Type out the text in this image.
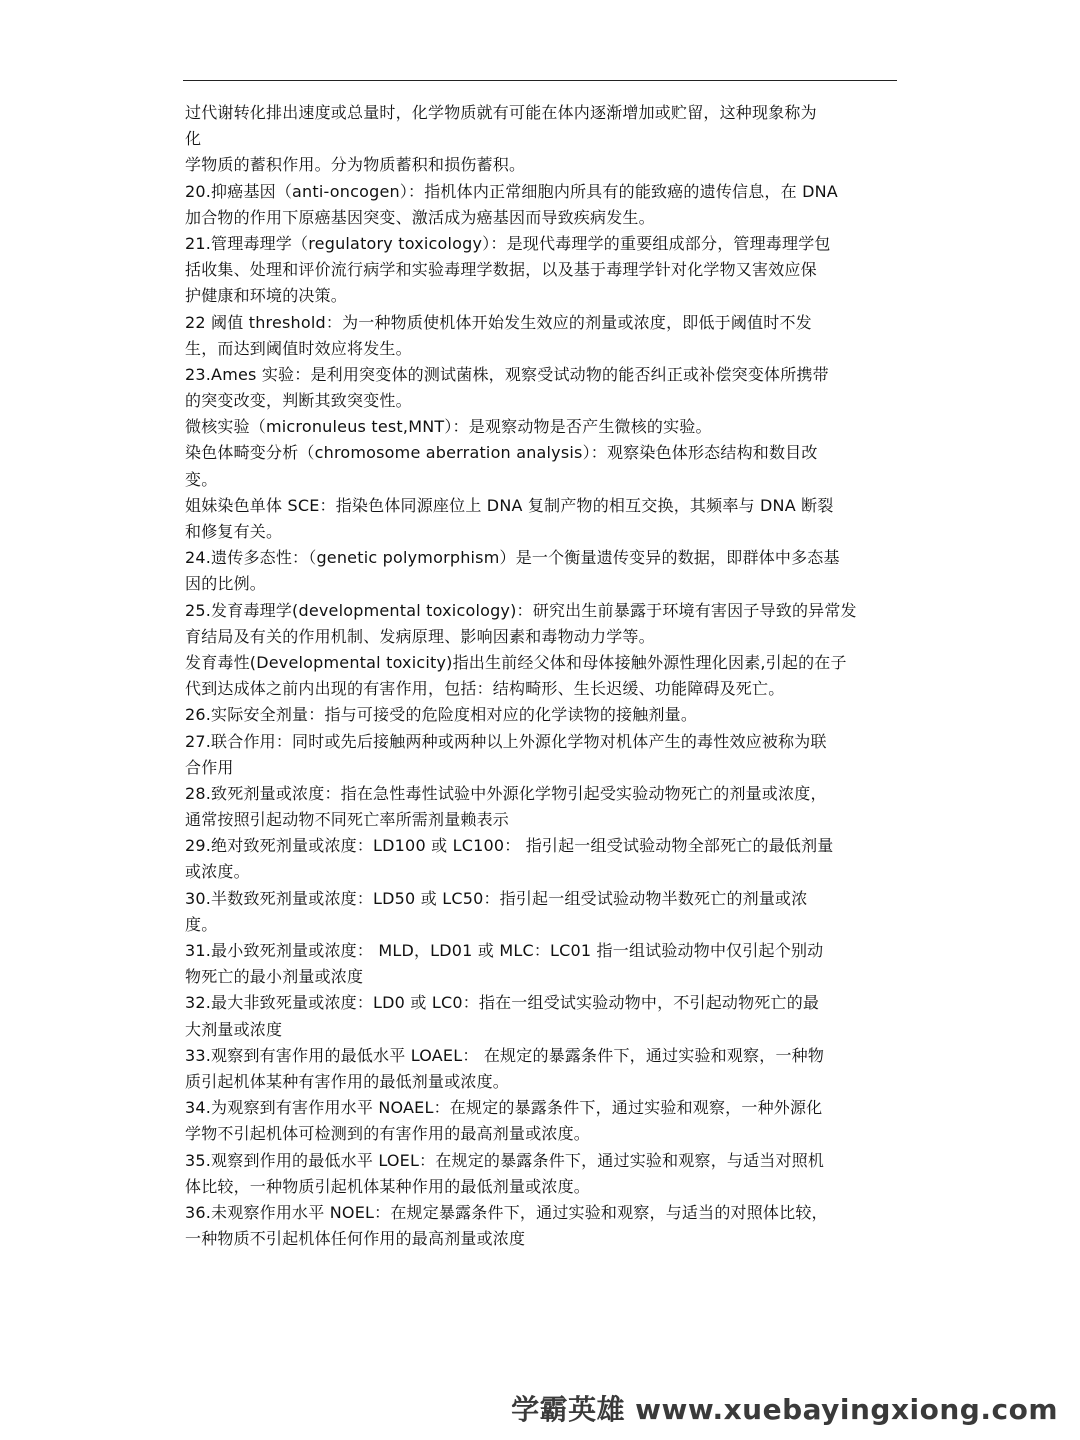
过代谢转化排出速度或总量时，化学物质就有可能在体内逐渐增加或贮留，这种现象称为
化
学物质的蓄积作用。分为物质蓄积和损伤蓄积。
20.抑癌基因（anti-oncogen）：指机体内正常细胞内所具有的能致癌的遗传信息，在 DNA
加合物的作用下原癌基因突变、激活成为癌基因而导致疾病发生。
21.管理毒理学（regulatory toxicology）：是现代毒理学的重要组成部分，管理毒理学包
括收集、处理和评价流行病学和实验毒理学数据，以及基于毒理学针对化学物又害效应保
护健康和环境的决策。
22 阈值 threshold：为一种物质使机体开始发生效应的剂量或浓度，即低于阈值时不发
生，而达到阈值时效应将发生。
23.Ames 实验：是利用突变体的测试菌株，观察受试动物的能否纠正或补偿突变体所携带
的突变改变，判断其致突变性。
微核实验（micronuleus test,MNT）：是观察动物是否产生微核的实验。
染色体畸变分析（chromosome aberration analysis）：观察染色体形态结构和数目改
变。
姐妹染色单体 SCE：指染色体同源座位上 DNA 复制产物的相互交换，其频率与 DNA 断裂
和修复有关。
24.遗传多态性：（genetic polymorphism）是一个衡量遗传变异的数据，即群体中多态基
因的比例。
25.发育毒理学(developmental toxicology)：研究出生前暴露于环境有害因子导致的异常发
育结局及有关的作用机制、发病原理、影响因素和毒物动力学等。
发育毒性(Developmental toxicity)指出生前经父体和母体接触外源性理化因素,引起的在子
代到达成体之前内出现的有害作用，包括：结构畸形、生长迟缓、功能障碍及死亡。
26.实际安全剂量：指与可接受的危险度相对应的化学读物的接触剂量。
27.联合作用：同时或先后接触两种或两种以上外源化学物对机体产生的毒性效应被称为联
合作用
28.致死剂量或浓度：指在急性毒性试验中外源化学物引起受实验动物死亡的剂量或浓度，
通常按照引起动物不同死亡率所需剂量赖表示
29.绝对致死剂量或浓度：LD100 或 LC100： 指引起一组受试验动物全部死亡的最低剂量
或浓度。
30.半数致死剂量或浓度：LD50 或 LC50：指引起一组受试验动物半数死亡的剂量或浓
度。
31.最小致死剂量或浓度： MLD，LD01 或 MLC：LC01 指一组试验动物中仅引起个别动
物死亡的最小剂量或浓度
32.最大非致死量或浓度：LD0 或 LC0：指在一组受试实验动物中，不引起动物死亡的最
大剂量或浓度
33.观察到有害作用的最低水平 LOAEL： 在规定的暴露条件下，通过实验和观察，一种物
质引起机体某种有害作用的最低剂量或浓度。
34.为观察到有害作用水平 NOAEL：在规定的暴露条件下，通过实验和观察，一种外源化
学物不引起机体可检测到的有害作用的最高剂量或浓度。
35.观察到作用的最低水平 LOEL：在规定的暴露条件下，通过实验和观察，与适当对照机
体比较，一种物质引起机体某种作用的最低剂量或浓度。
36.未观察作用水平 NOEL：在规定暴露条件下，通过实验和观察，与适当的对照体比较，
一种物质不引起机体任何作用的最高剂量或浓度
学霸英雄 www.xuebayingxiong.com
